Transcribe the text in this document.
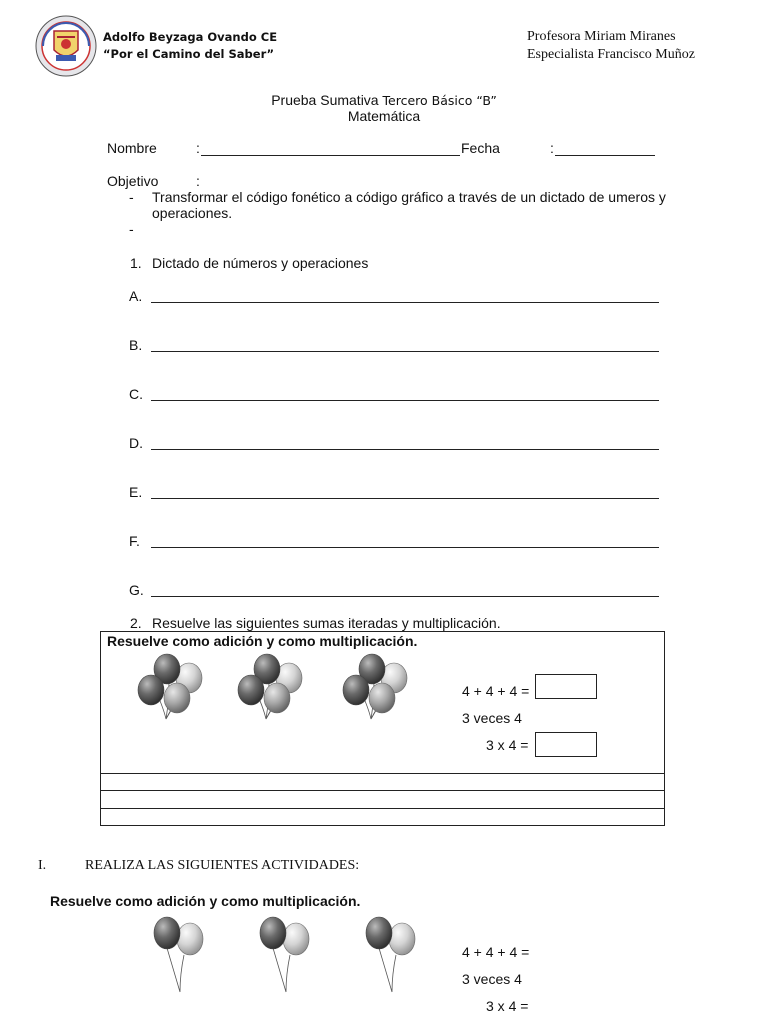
Adolfo Beyzaga Ovando CE
“Por el Camino del Saber”
Profesora Miriam Miranes
Especialista Francisco Muñoz
Prueba Sumativa Tercero Básico “B”
Matemática
Nombre	:	Fecha	:
Objetivo	:
- Transformar el código fonético a código gráfico a través de un dictado de umeros y
operaciones.
-
1. Dictado de números y operaciones
A.
B.
C.
D.
E.
F.
G.
2. Resuelve las siguientes sumas iteradas y multiplicación.
Resuelve como adición y como multiplicación.
4 + 4 + 4 =
3 veces 4
3 x 4 =
I.	REALIZA LAS SIGUIENTES ACTIVIDADES:
Resuelve como adición y como multiplicación.
4 + 4 + 4 =
3 veces 4
3 x 4 =
